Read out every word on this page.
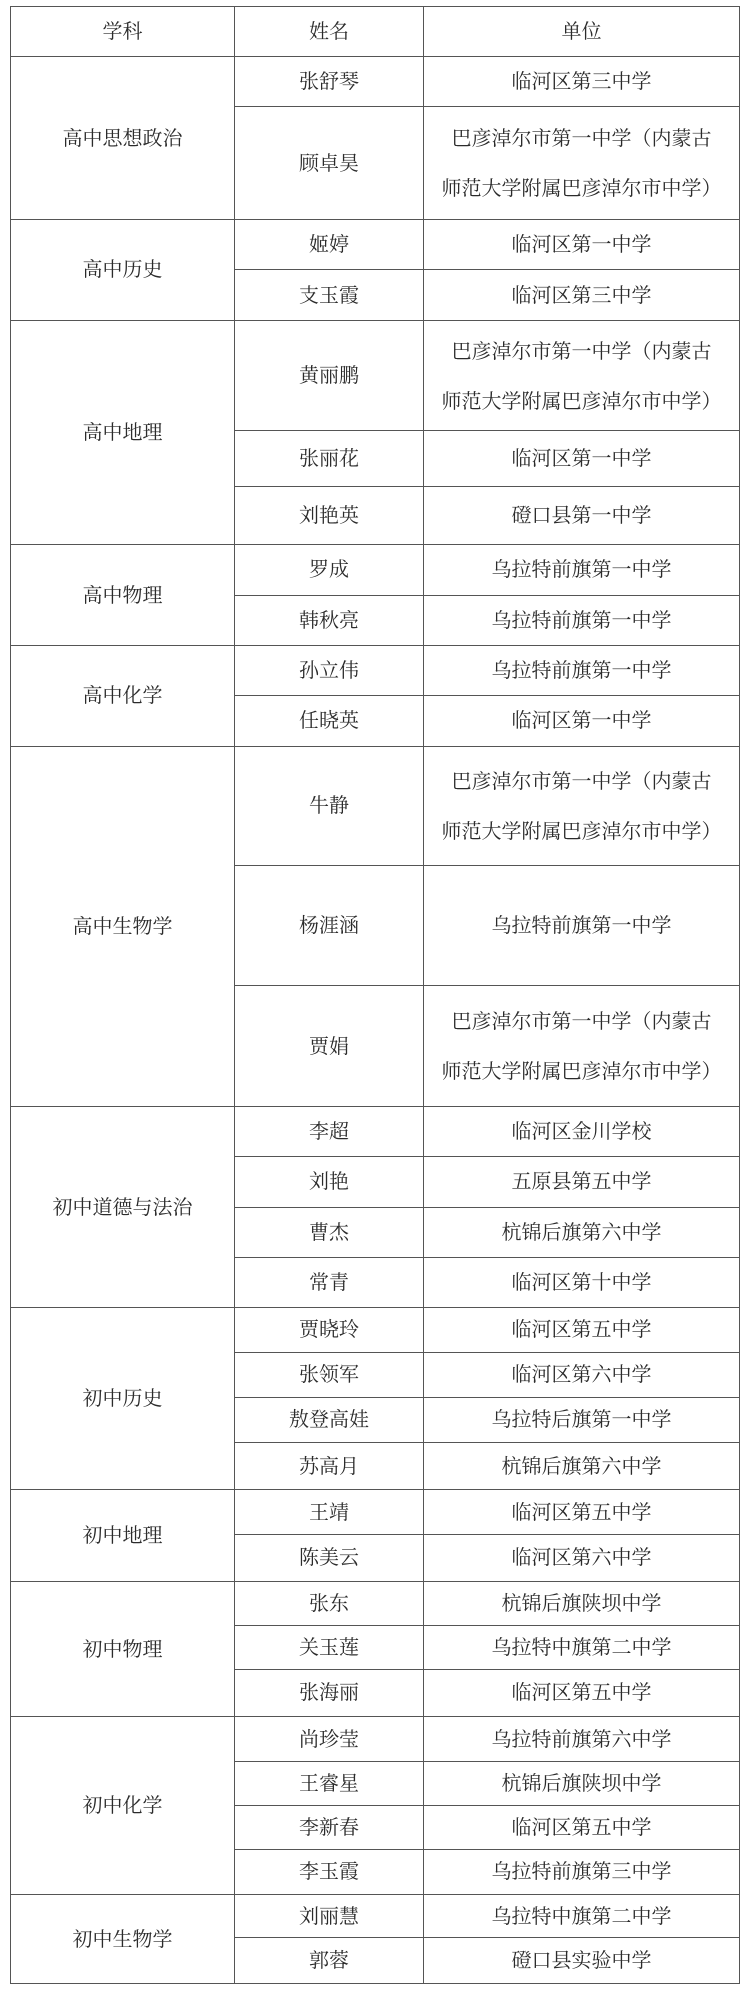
学科	姓名	单位
高中思想政治	张舒琴	临河区第三中学
	顾卓昊	巴彦淖尔市第一中学（内蒙古
师范大学附属巴彦淖尔市中学）

高中历史	姬婷	临河区第一中学
	支玉霞	临河区第三中学
高中地理	黄丽鹏	巴彦淖尔市第一中学（内蒙古
师范大学附属巴彦淖尔市中学）

	张丽花	临河区第一中学
	刘艳英	磴口县第一中学
高中物理	罗成	乌拉特前旗第一中学
	韩秋亮	乌拉特前旗第一中学
高中化学	孙立伟	乌拉特前旗第一中学
	任晓英	临河区第一中学
高中生物学	牛静	巴彦淖尔市第一中学（内蒙古
师范大学附属巴彦淖尔市中学）

	杨涯涵	乌拉特前旗第一中学
	贾娟	巴彦淖尔市第一中学（内蒙古
师范大学附属巴彦淖尔市中学）

初中道德与法治	李超	临河区金川学校
	刘艳	五原县第五中学
	曹杰	杭锦后旗第六中学
	常青	临河区第十中学
初中历史	贾晓玲	临河区第五中学
	张领军	临河区第六中学
	敖登高娃	乌拉特后旗第一中学
	苏高月	杭锦后旗第六中学
初中地理	王靖	临河区第五中学
	陈美云	临河区第六中学
初中物理	张东	杭锦后旗陕坝中学
	关玉莲	乌拉特中旗第二中学
	张海丽	临河区第五中学
初中化学	尚珍莹	乌拉特前旗第六中学
	王睿星	杭锦后旗陕坝中学
	李新春	临河区第五中学
	李玉霞	乌拉特前旗第三中学
初中生物学	刘丽慧	乌拉特中旗第二中学
	郭蓉	磴口县实验中学
